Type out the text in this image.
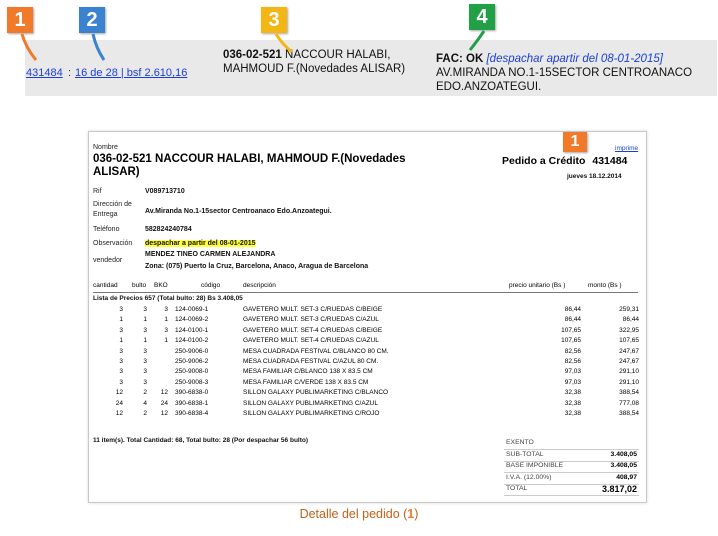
431484 : 16 de 28 | bsf 2.610,16
036-02-521 NACCOUR HALABI,
MAHMOUD F.(Novedades ALISAR)
FAC: OK [despachar apartir del 08-01-2015]
AV.MIRANDA NO.1-15SECTOR CENTROANACO
EDO.ANZOATEGUI.
1	2	3	4
1	imprime
Nombre
036-02-521 NACCOUR HALABI, MAHMOUD F.(Novedades
ALISAR)
Pedido a Crédito 431484
jueves 18.12.2014
Rif	V089713710
Dirección de
Entrega	Av.Miranda No.1-15sector Centroanaco Edo.Anzoategui.
Teléfono	582824240784
Observación despachar a partir del 08-01-2015
vendedor
MENDEZ TINEO CARMEN ALEJANDRA
Zona: (075) Puerto la Cruz, Barcelona, Anaco, Aragua de Barcelona
cantidad bulto BKO	código	descripción	precio unitario (Bs )	monto (Bs )
Lista de Precios 657 (Total bulto: 28) Bs 3.408,05
3	3	3 124-0069-1	GAVETERO MULT. SET-3 C/RUEDAS C/BEIGE	86,44	259,31
1	1	1 124-0069-2	GAVETERO MULT. SET-3 C/RUEDAS C/AZUL	86,44	86,44
3	3	3 124-0100-1	GAVETERO MULT. SET-4 C/RUEDAS C/BEIGE	107,65	322,95
1	1	1 124-0100-2	GAVETERO MULT. SET-4 C/RUEDAS C/AZUL	107,65	107,65
3	3	250-9006-0	MESA CUADRADA FESTIVAL C/BLANCO 80 CM.	82,56	247,67
3	3	250-9006-2	MESA CUADRADA FESTIVAL C/AZUL 80 CM.	82,56	247,67
3	3	250-9008-0	MESA FAMILIAR C/BLANCO 138 X 83.5 CM	97,03	291,10
3	3	250-9008-3	MESA FAMILIAR C/VERDE 138 X 83.5 CM	97,03	291,10
12	2	12 390-6838-0	SILLON GALAXY PUBLIMARKETING C/BLANCO	32,38	388,54
24	4	24 390-6838-1	SILLON GALAXY PUBLIMARKETING C/AZUL	32,38	777,08
12	2	12 390-6838-4	SILLON GALAXY PUBLIMARKETING C/ROJO	32,38	388,54
11 item(s). Total Cantidad: 68, Total bulto: 28 (Por despachar 56 bulto)	EXENTO
SUB-TOTAL	3.408,05
BASE IMPONIBLE	3.408,05
I.V.A. (12.00%)	408,97
TOTAL	3.817,02
Detalle del pedido (1)
